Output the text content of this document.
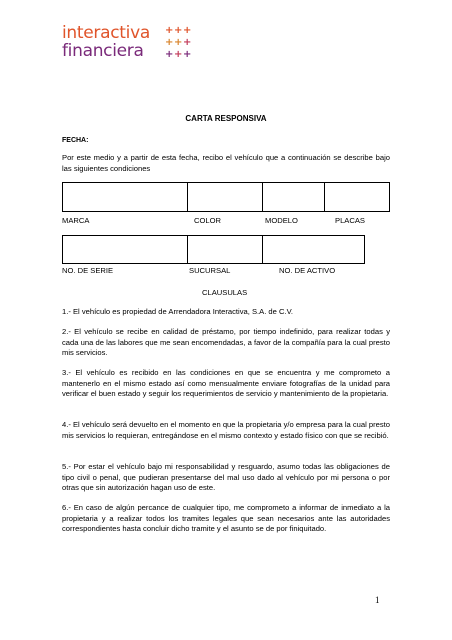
interactiva
financiera
+ + +
+ + +
+ + +
CARTA RESPONSIVA
FECHA:
Por este medio y a partir de esta fecha, recibo el vehículo que a continuación se describe bajo las siguientes condiciones
MARCA	COLOR	MODELO	PLACAS
NO. DE SERIE	SUCURSAL	NO. DE ACTIVO
CLAUSULAS
1.- El vehículo es propiedad de Arrendadora Interactiva, S.A. de C.V.
2.- El vehículo se recibe en calidad de préstamo, por tiempo indefinido, para realizar todas y cada una de las labores que me sean encomendadas, a favor de la compañía para la cual presto mis servicios.
3.- El vehículo es recibido en las condiciones en que se encuentra y me comprometo a mantenerlo en el mismo estado así como mensualmente enviare fotografías de la unidad para verificar el buen estado y seguir los requerimientos de servicio y mantenimiento de la propietaria.
4.- El vehículo será devuelto en el momento en que la propietaria y/o empresa para la cual presto mis servicios lo requieran, entregándose en el mismo contexto y estado físico con que se recibió.
5.- Por estar el vehículo bajo mi responsabilidad y resguardo, asumo todas las obligaciones de tipo civil o penal, que pudieran presentarse del mal uso dado al vehículo por mi persona o por otras que sin autorización hagan uso de este.
6.- En caso de algún percance de cualquier tipo, me comprometo a informar de inmediato a la propietaria y a realizar todos los tramites legales que sean necesarios ante las autoridades correspondientes hasta concluir dicho tramite y el asunto se de por finiquitado.
1
